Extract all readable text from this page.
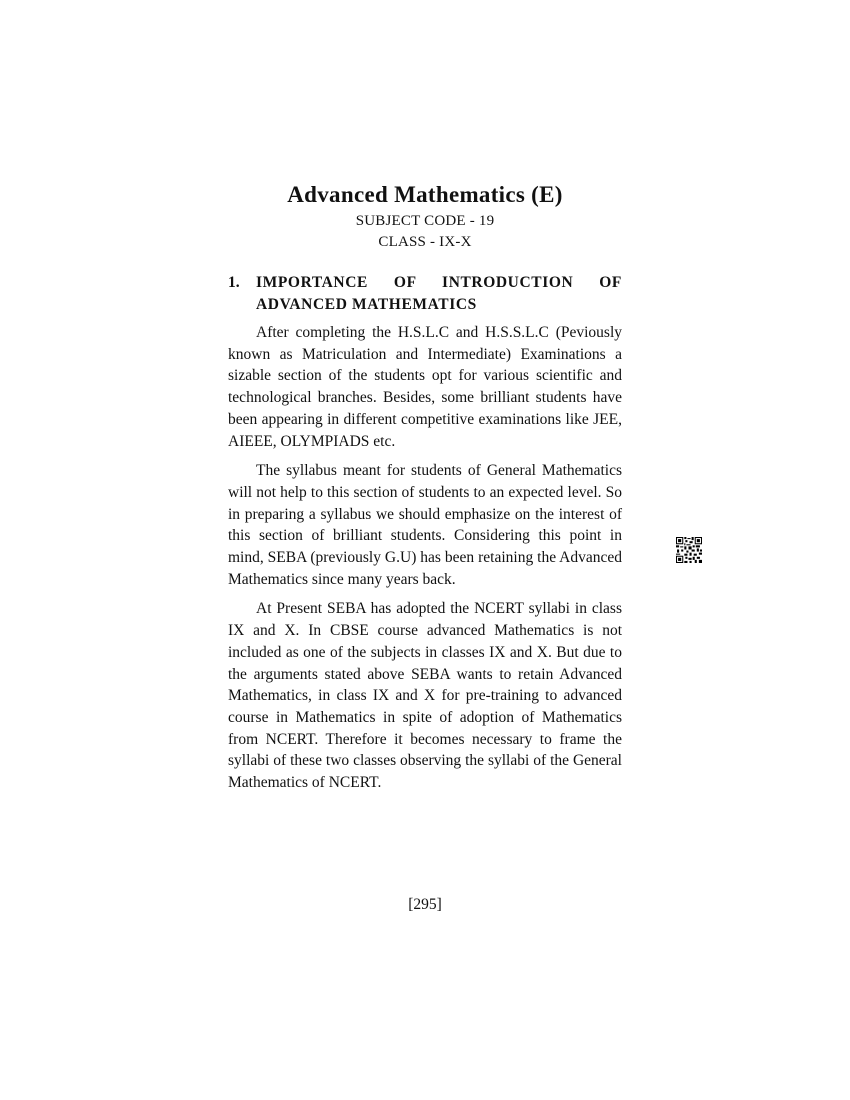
Advanced Mathematics (E)

SUBJECT CODE - 19

CLASS - IX-X

1.	IMPORTANCE OF INTRODUCTION OF ADVANCED MATHEMATICS

After completing the H.S.L.C and H.S.S.L.C (Peviously known as Matriculation and Intermediate) Examinations a sizable section of the students opt for various scientific and technological branches. Besides, some brilliant students have been appearing in different competitive examinations like JEE, AIEEE, OLYMPIADS etc.

The syllabus meant for students of General Mathematics will not help to this section of students to an expected level. So in preparing a syllabus we should emphasize on the interest of this section of brilliant students. Considering this point in mind, SEBA (previously G.U) has been retaining the Advanced Mathematics since many years back.

At Present SEBA has adopted the NCERT syllabi in class IX and X. In CBSE course advanced Mathematics is not included as one of the subjects in classes IX and X. But due to the arguments stated above SEBA wants to retain Advanced Mathematics, in class IX and X for pre-training to advanced course in Mathematics in spite of adoption of Mathematics from NCERT. Therefore it becomes necessary to frame the syllabi of these two classes observing the syllabi of the General Mathematics of NCERT.

[295]
